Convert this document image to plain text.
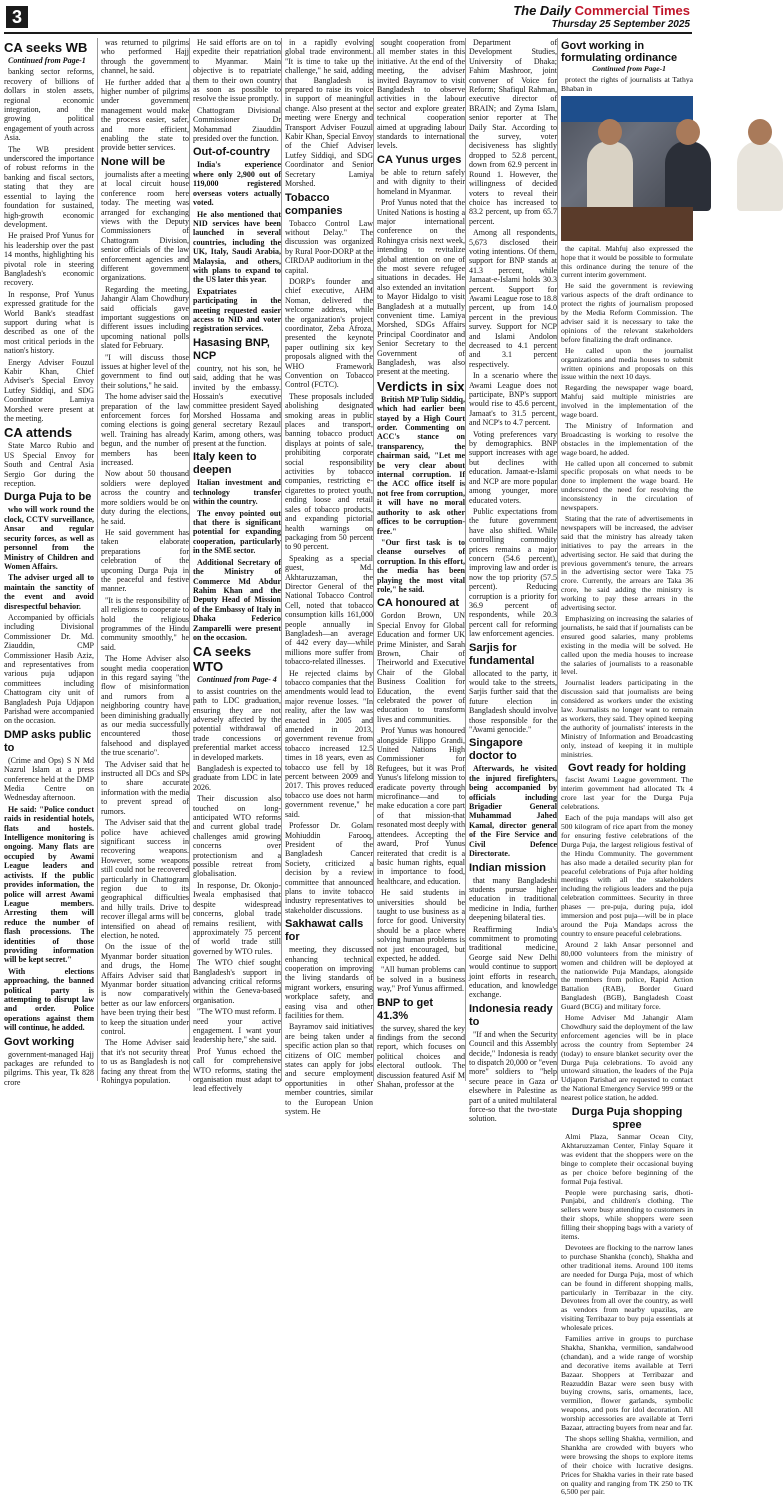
3	The Daily Commercial Times
Thursday 25 September 2025
CA seeks WB

Continued from Page-1

banking sector reforms, recovery of billions of dollars in stolen assets, regional economic integration, and the growing political engagement of youth across Asia.

The WB president underscored the importance of robust reforms in the banking and fiscal sectors, stating that they are essential to laying the foundation for sustained, high-growth economic development.

He praised Prof Yunus for his leadership over the past 14 months, highlighting his pivotal role in steering Bangladesh's economic recovery.

In response, Prof Yunus expressed gratitude for the World Bank's steadfast support during what is described as one of the most critical periods in the nation's history.

Energy Adviser Fouzul Kabir Khan, Chief Adviser's Special Envoy Lutfey Siddiqi, and SDG Coordinator Lamiya Morshed were present at the meeting.

CA attends

State Marco Rubio and US Special Envoy for South and Central Asia Sergio Gor during the reception.

Durga Puja to be

who will work round the clock, CCTV surveillance, Ansar and regular security forces, as well as personnel from the Ministry of Children and Women Affairs.

The adviser urged all to maintain the sanctity of the event and avoid disrespectful behavior.

Accompanied by officials including Divisional Commissioner Dr. Md. Ziauddin, CMP Commissioner Hasib Aziz, and representatives from various puja udjapon committees including Chattogram city unit of Bangladesh Puja Udjapon Parishad were accompanied on the occasion.

DMP asks public to

(Crime and Ops) S N Md Nazrul Islam at a press conference held at the DMP Media Centre on Wednesday afternoon.

He said: "Police conduct raids in residential hotels, flats and hostels. Intelligence monitoring is ongoing. Many flats are occupied by Awami League leaders and activists. If the public provides information, the police will arrest Awami League members. Arresting them will reduce the number of flash processions. The identities of those providing information will be kept secret."

With elections approaching, the banned political party is attempting to disrupt law and order. Police operations against them will continue, he added.

Govt working

government-managed Hajj packages are refunded to pilgrims. This year, Tk 828 crore

was returned to pilgrims who performed Hajj through the government channel, he said.

He further added that a higher number of pilgrims under government management would make the process easier, safer, and more efficient, enabling the state to provide better services.

None will be

journalists after a meeting at local circuit house conference room here today. The meeting was arranged for exchanging views with the Deputy Commissioners of Chattogram Division, senior officials of the law enforcement agencies and different government organizations.

Regarding the meeting, Jahangir Alam Chowdhury said officials gave important suggestions on different issues including upcoming national polls slated for February.

"I will discuss those issues at higher level of the government to find out their solutions," he said.

The home adviser said the preparation of the law enforcement forces for coming elections is going well. Training has already begun, and the number of members has been increased.

Now about 50 thousand soldiers were deployed across the country and more soldiers would be on duty during the elections, he said.

He said government has taken elaborate preparations for celebration of the upcoming Durga Puja in the peaceful and festive manner.

"It is the responsibility of all religions to cooperate to hold the religious programmes of the Hindu community smoothly," he said.

The Home Adviser also sought media cooperation in this regard saying "the flow of misinformation and rumors from a neighboring country have been diminishing gradually as our media successfully encountered those falsehood and displayed the true scenario".

The Adviser said that he instructed all DCs and SPs to share accurate information with the media to prevent spread of rumors.

The Adviser said that the police have achieved significant success in recovering weapons. However, some weapons still could not be recovered particularly in Chattogram region due to its geographical difficulties and hilly trails. Drive to recover illegal arms will be intensified on ahead of election, he noted.

On the issue of the Myanmar border situation and drugs, the Home Affairs Adviser said that Myanmar border situation is now comparatively better as our law enforcers have been trying their best to keep the situation under control.

The Home Adviser said that it's not security threat to us as Bangladesh is not facing any threat from the Rohingya population.

He said efforts are on to expedite their repatriation to Myanmar. Main objective is to repatriate them to their own country as soon as possible to resolve the issue promptly.

Chattogram Divisional Commissioner Dr Mohammad Ziauddin presided over the function.

Out-of-country

India's experience where only 2,900 out of 119,000 registered overseas voters actually voted.

He also mentioned that NID services have been launched in several countries, including the UK, Italy, Saudi Arabia, Malaysia, and others, with plans to expand to the US later this year.

Expatriates participating in the meeting requested easier access to NID and voter registration services.

Hasasing BNP, NCP

country, not his son, he said, adding that he was invited by the embassy. Hossain's executive committee president Sayed Morshed Hossama and general secretary Rezaul Karim, among others, was present at the function.

Italy keen to deepen

Italian investment and technology transfer within the country.

The envoy pointed out that there is significant potential for expanding cooperation, particularly in the SME sector.

Additional Secretary of the Ministry of Commerce Md Abdur Rahim Khan and the Deputy Head of Mission of the Embassy of Italy in Dhaka Federico Zamparelli were present on the occasion.

CA seeks WTO

Continued from Page- 4

to assist countries on the path to LDC graduation, ensuring they are not adversely affected by the potential withdrawal of trade concessions or preferential market access in developed markets.

Bangladesh is expected to graduate from LDC in late 2026.

Their discussion also touched on long-anticipated WTO reforms and current global trade challenges amid growing concerns over protectionism and a possible retreat from globalisation.

In response, Dr. Okonjo-Iweala emphasised that despite widespread concerns, global trade remains resilient, with approximately 75 percent of world trade still governed by WTO rules.

The WTO chief sought Bangladesh's support in advancing critical reforms within the Geneva-based organisation.

"The WTO must reform. I need your active engagement. I want your leadership here," she said.

Prof Yunus echoed the call for comprehensive WTO reforms, stating the organisation must adapt to lead effectively

in a rapidly evolving global trade environment. "It is time to take up the challenge," he said, adding that Bangladesh is prepared to raise its voice in support of meaningful change. Also present at the meeting were Energy and Transport Adviser Fouzul Kabir Khan, Special Envoy of the Chief Adviser Lutfey Siddiqi, and SDG Coordinator and Senior Secretary Lamiya Morshed.

Tobacco companies

Tobacco Control Law without Delay." The discussion was organized by Rural Poor-DORP at the CIRDAP auditorium in the capital.

DORP's founder and chief executive, AHM Noman, delivered the welcome address, while the organization's project coordinator, Zeba Afroza, presented the keynote paper outlining six key proposals aligned with the WHO Framework Convention on Tobacco Control (FCTC).

These proposals included abolishing designated smoking areas in public places and transport, banning tobacco product displays at points of sale, prohibiting corporate social responsibility activities by tobacco companies, restricting e-cigarettes to protect youth, ending loose and retail sales of tobacco products, and expanding pictorial health warnings on packaging from 50 percent to 90 percent.

Speaking as a special guest, Md. Akhtaruzzaman, the Director General of the National Tobacco Control Cell, noted that tobacco consumption kills 161,000 people annually in Bangladesh—an average of 442 every day—while millions more suffer from tobacco-related illnesses.

He rejected claims by tobacco companies that the amendments would lead to major revenue losses. "In reality, after the law was enacted in 2005 and amended in 2013, government revenue from tobacco increased 12.5 times in 18 years, even as tobacco use fell by 18 percent between 2009 and 2017. This proves reduced tobacco use does not harm government revenue," he said.

Professor Dr. Golam Mohiuddin Farooq, President of the Bangladesh Cancer Society, criticized a decision by a review committee that announced plans to invite tobacco industry representatives to stakeholder discussions.

Sakhawat calls for

meeting, they discussed enhancing technical cooperation on improving the living standards of migrant workers, ensuring workplace safety, and easing visa and other facilities for them.

Bayramov said initiatives are being taken under a specific action plan so that citizens of OIC member states can apply for jobs and secure employment opportunities in other member countries, similar to the European Union system. He

sought cooperation from all member states in this initiative. At the end of the meeting, the adviser invited Bayramov to visit Bangladesh to observe activities in the labour sector and explore greater technical cooperation aimed at upgrading labour standards to international levels.

CA Yunus urges

be able to return safely and with dignity to their homeland in Myanmar.

Prof Yunus noted that the United Nations is hosting a major international conference on the Rohingya crisis next week, intending to revitalize global attention on one of the most severe refugee situations in decades. He also extended an invitation to Mayor Hidalgo to visit Bangladesh at a mutually convenient time. Lamiya Morshed, SDGs Affairs Principal Coordinator and Senior Secretary to the Government of Bangladesh, was also present at the meeting.

Verdicts in six

British MP Tulip Siddiq, which had earlier been stayed by a High Court order. Commenting on ACC's stance on transparency, the chairman said, "Let me be very clear about internal corruption. If the ACC office itself is not free from corruption, it will have no moral authority to ask other offices to be corruption-free."

"Our first task is to cleanse ourselves of corruption. In this effort, the media has been playing the most vital role," he said.

CA honoured at

Gordon Brown, UN Special Envoy for Global Education and former UK Prime Minister, and Sarah Brown, Chair of Theirworld and Executive Chair of the Global Business Coalition for Education, the event celebrated the power of education to transform lives and communities.

Prof Yunus was honoured alongside Filippo Grandi, United Nations High Commissioner for Refugees, but it was Prof Yunus's lifelong mission to eradicate poverty through microfinance—and to make education a core part of that mission-that resonated most deeply with attendees. Accepting the award, Prof Yunus reiterated that credit is a basic human rights, equal in importance to food, healthcare, and education.

He said students in universities should be taught to use business as a force for good. University should be a place where solving human problems is not just encouraged, but expected, he added.

"All human problems can be solved in a business way," Prof Yunus affirmed.

BNP to get 41.3%

the survey, shared the key findings from the second report, which focuses on political choices and electoral outlook. The discussion featured Asif M Shahan, professor at the

Department of Development Studies, University of Dhaka; Fahim Mashroor, joint convener of Voice for Reform; Shafiqul Rahman, executive director of BRAIN; and Zyma Islam, senior reporter at The Daily Star. According to the survey, voter decisiveness has slightly dropped to 52.8 percent, down from 62.9 percent in Round 1. However, the willingness of decided voters to reveal their choice has increased to 83.2 percent, up from 65.7 percent.

Among all respondents, 5,673 disclosed their voting intentions. Of them, support for BNP stands at 41.3 percent, while Jamaat-e-Islami holds 30.3 percent. Support for Awami League rose to 18.8 percent, up from 14.0 percent in the previous survey. Support for NCP and Islami Andolon decreased to 4.1 percent and 3.1 percent respectively.

In a scenario where the Awami League does not participate, BNP's support would rise to 45.6 percent, Jamaat's to 31.5 percent, and NCP's to 4.7 percent.

Voting preferences vary by demographics. BNP support increases with age but declines with education. Jamaat-e-Islami and NCP are more popular among younger, more educated voters.

Public expectations from the future government have also shifted. While controlling commodity prices remains a major concern (54.6 percent), improving law and order is now the top priority (57.5 percent). Reducing corruption is a priority for 36.9 percent of respondents, while 20.3 percent call for reforming law enforcement agencies.

Sarjis for fundamental

allocated to the party, it would take to the streets, Sarjis further said that the future election in Bangladesh should involve those responsible for the "Awami genocide."

Singapore doctor to

Afterwards, he visited the injured firefighters, being accompanied by officials including Brigadier General Muhammad Jahed Kamal, director general of the Fire Service and Civil Defence Directorate.

Indian mission

that many Bangladeshi students pursue higher education in traditional medicine in India, further deepening bilateral ties.

Reaffirming India's commitment to promoting traditional medicine, George said New Delhi would continue to support joint efforts in research, education, and knowledge exchange.

Indonesia ready to

"If and when the Security Council and this Assembly decide," Indonesia is ready to dispatch 20,000 or "even more" soldiers to "help secure peace in Gaza or elsewhere in Palestine as part of a united multilateral force-so that the two-state solution.

Govt working in formulating ordinance

Continued from Page-1

protect the rights of journalists at Tathya Bhaban in

the capital. Mahfuj also expressed the hope that it would be possible to formulate this ordinance during the tenure of the current interim government.

He said the government is reviewing various aspects of the draft ordinance to protect the rights of journalism proposed by the Media Reform Commission. The adviser said it is necessary to take the opinions of the relevant stakeholders before finalizing the draft ordinance.

He called upon the journalist organizations and media houses to submit written opinions and proposals on this issue within the next 10 days.

Regarding the newspaper wage board, Mahfuj said multiple ministries are involved in the implementation of the wage board.

The Ministry of Information and Broadcasting is working to resolve the obstacles in the implementation of the wage board, he added.

He called upon all concerned to submit specific proposals on what needs to be done to implement the wage board. He underscored the need for resolving the inconsistency in the circulation of newspapers.

Stating that the rate of advertisements in newspapers will be increased, the adviser said that the ministry has already taken initiatives to pay the arrears in the advertising sector. He said that during the previous government's tenure, the arrears in the advertising sector were Taka 75 crore. Currently, the arrears are Taka 36 crore, he said adding the ministry is working to pay these arrears in the advertising sector.

Emphasizing on increasing the salaries of journalists, he said that if journalists can be ensured good salaries, many problems existing in the media will be solved. He called upon the media houses to increase the salaries of journalists to a reasonable level.

Journalist leaders participating in the discussion said that journalists are being considered as workers under the existing law. Journalists no longer want to remain as workers, they said. They opined keeping the authority of journalists' interests in the Ministry of Information and Broadcasting only, instead of keeping it in multiple ministries.

Govt ready for holding

fascist Awami League government. The interim government had allocated Tk 4 crore last year for the Durga Puja celebrations.

Each of the puja mandaps will also get 500 kilogram of rice apart from the money for ensuring festive celebrations of the Durga Puja, the largest religious festival of the Hindu Community. The government has also made a detailed security plan for peaceful celebrations of Puja after holding meetings with all the stakeholders including the religious leaders and the puja celebration committees. Security in three phases — pre-puja, during puja, idol immersion and post puja—will be in place around the Puja Mandaps across the country to ensure peaceful celebrations.

Around 2 lakh Ansar personnel and 80,000 volunteers from the ministry of women and children will be deployed at the nationwide Puja Mandaps, alongside the members from police, Rapid Action Battalion (RAB), Border Guard Bangladesh (BGB), Bangladesh Coast Guard (BCG) and military force.

Home Adviser Md Jahangir Alam Chowdhury said the deployment of the law enforcement agencies will be in place across the country from September 24 (today) to ensure blanket security over the Durga Puja celebrations. To avoid any untoward situation, the leaders of the Puja Udjapon Parishad are requested to contact the National Emergency Service 999 or the nearest police station, he added.

Durga Puja shopping spree

Almi Plaza, Sanmar Ocean City, Akhtaruzzaman Center, Finlay Square it was evident that the shoppers were on the binge to complete their occasional buying as per choice before beginning of the formal Puja festival.

People were purchasing saris, dhoti-Punjabi, and children's clothing. The sellers were busy attending to customers in their shops, while shoppers were seen filling their shopping bags with a variety of items.

Devotees are flocking to the narrow lanes to purchase Shankha (conch), Shakha and other traditional items. Around 100 items are needed for Durga Puja, most of which can be found in different shopping malls, particularly in Terribazar in the city. Devotees from all over the country, as well as vendors from nearby upazilas, are visiting Terribazar to buy puja essentials at wholesale prices.

Families arrive in groups to purchase Shakha, Shankha, vermilion, sandalwood (chandan), and a wide range of worship and decorative items available at Terri Bazaar. Shoppers at Terribazar and Reazuddin Bazar were seen busy with buying crowns, saris, ornaments, lace, vermilion, flower garlands, symbolic weapons, and pots for idol decoration. All worship accessories are available at Terri Bazaar, attracting buyers from near and far.

The shops selling Shakha, vermilion, and Shankha are crowded with buyers who were browsing the shops to explore items of their choice with lucrative designs. Prices for Shakha varies in their rate based on quality and ranging from TK 250 to TK 6,500 per pair.
